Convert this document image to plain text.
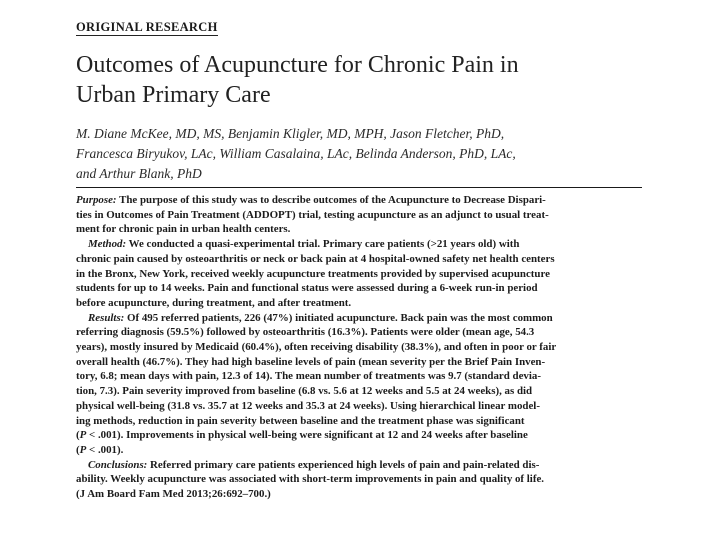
ORIGINAL RESEARCH
Outcomes of Acupuncture for Chronic Pain in
Urban Primary Care
M. Diane McKee, MD, MS, Benjamin Kligler, MD, MPH, Jason Fletcher, PhD,
Francesca Biryukov, LAc, William Casalaina, LAc, Belinda Anderson, PhD, LAc,
and Arthur Blank, PhD
Purpose: The purpose of this study was to describe outcomes of the Acupuncture to Decrease Dispari-
ties in Outcomes of Pain Treatment (ADDOPT) trial, testing acupuncture as an adjunct to usual treat-
ment for chronic pain in urban health centers.
Method: We conducted a quasi-experimental trial. Primary care patients (>21 years old) with
chronic pain caused by osteoarthritis or neck or back pain at 4 hospital-owned safety net health centers
in the Bronx, New York, received weekly acupuncture treatments provided by supervised acupuncture
students for up to 14 weeks. Pain and functional status were assessed during a 6-week run-in period
before acupuncture, during treatment, and after treatment.
Results: Of 495 referred patients, 226 (47%) initiated acupuncture. Back pain was the most common
referring diagnosis (59.5%) followed by osteoarthritis (16.3%). Patients were older (mean age, 54.3
years), mostly insured by Medicaid (60.4%), often receiving disability (38.3%), and often in poor or fair
overall health (46.7%). They had high baseline levels of pain (mean severity per the Brief Pain Inven-
tory, 6.8; mean days with pain, 12.3 of 14). The mean number of treatments was 9.7 (standard devia-
tion, 7.3). Pain severity improved from baseline (6.8 vs. 5.6 at 12 weeks and 5.5 at 24 weeks), as did
physical well-being (31.8 vs. 35.7 at 12 weeks and 35.3 at 24 weeks). Using hierarchical linear model-
ing methods, reduction in pain severity between baseline and the treatment phase was significant
(P < .001). Improvements in physical well-being were significant at 12 and 24 weeks after baseline
(P < .001).
Conclusions: Referred primary care patients experienced high levels of pain and pain-related dis-
ability. Weekly acupuncture was associated with short-term improvements in pain and quality of life.
(J Am Board Fam Med 2013;26:692–700.)
